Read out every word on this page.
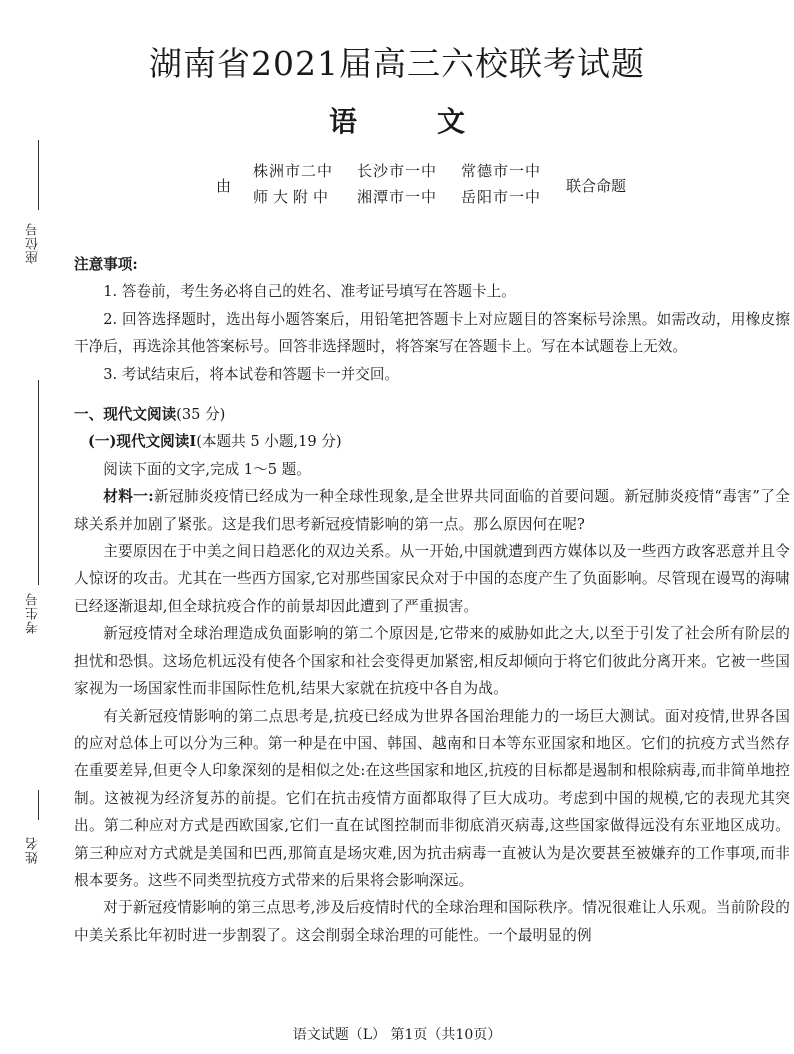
座位号
考生号
姓名
湖南省2021届高三六校联考试题
语文
由
株洲市二中 长沙市一中 常德市一中
师大附中 湘潭市一中 岳阳市一中
联合命题

注意事项:

1. 答卷前，考生务必将自己的姓名、准考证号填写在答题卡上。

2. 回答选择题时，选出每小题答案后，用铅笔把答题卡上对应题目的答案标号涂黑。如需改动，用橡皮擦干净后，再选涂其他答案标号。回答非选择题时，将答案写在答题卡上。写在本试题卷上无效。

3. 考试结束后，将本试卷和答题卡一并交回。

一、现代文阅读(35 分)

(一)现代文阅读Ⅰ(本题共 5 小题,19 分)

阅读下面的文字,完成 1～5 题。

材料一:新冠肺炎疫情已经成为一种全球性现象,是全世界共同面临的首要问题。新冠肺炎疫情“毒害”了全球关系并加剧了紧张。这是我们思考新冠疫情影响的第一点。那么原因何在呢?

主要原因在于中美之间日趋恶化的双边关系。从一开始,中国就遭到西方媒体以及一些西方政客恶意并且令人惊讶的攻击。尤其在一些西方国家,它对那些国家民众对于中国的态度产生了负面影响。尽管现在谩骂的海啸已经逐渐退却,但全球抗疫合作的前景却因此遭到了严重损害。

新冠疫情对全球治理造成负面影响的第二个原因是,它带来的威胁如此之大,以至于引发了社会所有阶层的担忧和恐惧。这场危机远没有使各个国家和社会变得更加紧密,相反却倾向于将它们彼此分离开来。它被一些国家视为一场国家性而非国际性危机,结果大家就在抗疫中各自为战。

有关新冠疫情影响的第二点思考是,抗疫已经成为世界各国治理能力的一场巨大测试。面对疫情,世界各国的应对总体上可以分为三种。第一种是在中国、韩国、越南和日本等东亚国家和地区。它们的抗疫方式当然存在重要差异,但更令人印象深刻的是相似之处:在这些国家和地区,抗疫的目标都是遏制和根除病毒,而非简单地控制。这被视为经济复苏的前提。它们在抗击疫情方面都取得了巨大成功。考虑到中国的规模,它的表现尤其突出。第二种应对方式是西欧国家,它们一直在试图控制而非彻底消灭病毒,这些国家做得远没有东亚地区成功。第三种应对方式就是美国和巴西,那简直是场灾难,因为抗击病毒一直被认为是次要甚至被嫌弃的工作事项,而非根本要务。这些不同类型抗疫方式带来的后果将会影响深远。

对于新冠疫情影响的第三点思考,涉及后疫情时代的全球治理和国际秩序。情况很难让人乐观。当前阶段的中美关系比年初时进一步割裂了。这会削弱全球治理的可能性。一个最明显的例

语文试题（L） 第1页（共10页）
